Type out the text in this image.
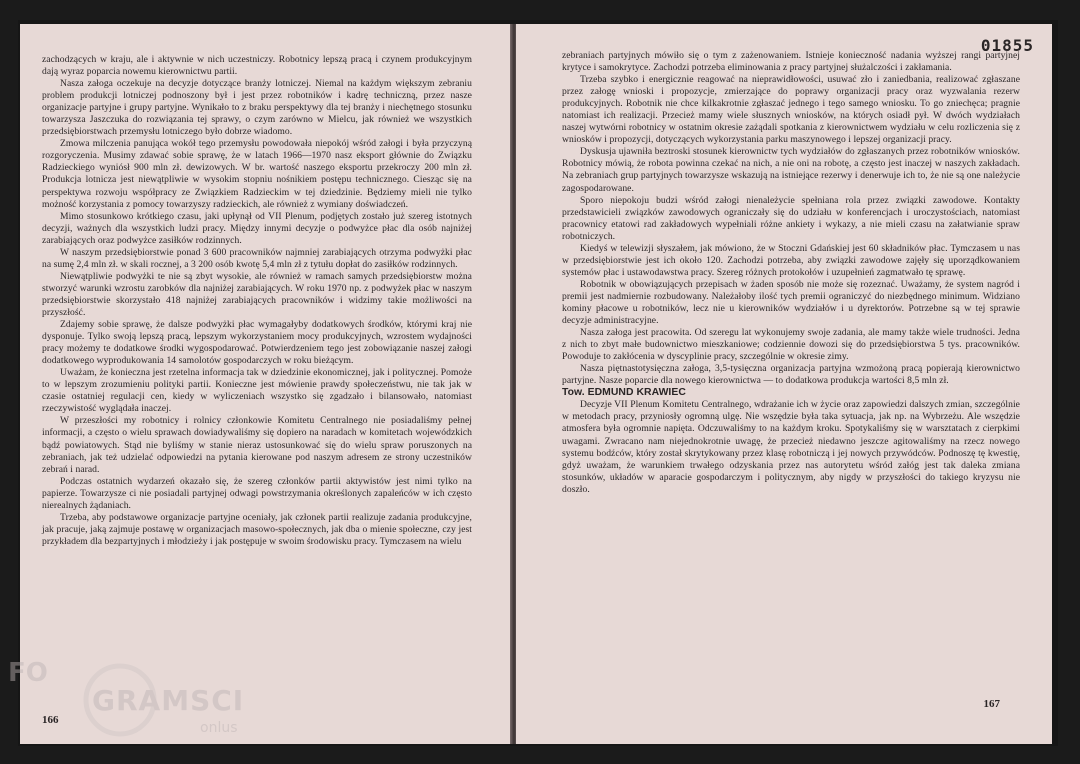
zachodzących w kraju, ale i aktywnie w nich uczestniczy. Robotnicy lepszą pracą i czynem produkcyjnym dają wyraz poparcia nowemu kierownictwu partii.

Nasza załoga oczekuje na decyzje dotyczące branży lotniczej. Niemal na każdym większym zebraniu problem produkcji lotniczej podnoszony był i jest przez robotników i kadrę techniczną, przez nasze organizacje partyjne i grupy partyjne. Wynikało to z braku perspektywy dla tej branży i niechętnego stosunku towarzysza Jaszczuka do rozwiązania tej sprawy, o czym zarówno w Mielcu, jak również we wszystkich przedsiębiorstwach przemysłu lotniczego było dobrze wiadomo.

Zmowa milczenia panująca wokół tego przemysłu powodowała niepokój wśród załogi i była przyczyną rozgoryczenia. Musimy zdawać sobie sprawę, że w latach 1966—1970 nasz eksport głównie do Związku Radzieckiego wyniósł 900 mln zł. dewizowych. W br. wartość naszego eksportu przekroczy 200 mln zł. Produkcja lotnicza jest niewątpliwie w wysokim stopniu nośnikiem postępu technicznego. Ciesząc się na perspektywa rozwoju współpracy ze Związkiem Radzieckim w tej dziedzinie. Będziemy mieli nie tylko możność korzystania z pomocy towarzyszy radzieckich, ale również z wymiany doświadczeń.

Mimo stosunkowo krótkiego czasu, jaki upłynął od VII Plenum, podjętych zostało już szereg istotnych decyzji, ważnych dla wszystkich ludzi pracy. Między innymi decyzje o podwyżce płac dla osób najniżej zarabiających oraz podwyżce zasiłków rodzinnych.

W naszym przedsiębiorstwie ponad 3 600 pracowników najmniej zarabiających otrzyma podwyżki płac na sumę 2,4 mln zł. w skali rocznej, a 3 200 osób kwotę 5,4 mln zł z tytułu dopłat do zasiłków rodzinnych.

Niewątpliwie podwyżki te nie są zbyt wysokie, ale również w ramach samych przedsiębiorstw można stworzyć warunki wzrostu zarobków dla najniżej zarabiających. W roku 1970 np. z podwyżek płac w naszym przedsiębiorstwie skorzystało 418 najniżej zarabiających pracowników i widzimy takie możliwości na przyszłość.

Zdajemy sobie sprawę, że dalsze podwyżki płac wymagałyby dodatkowych środków, którymi kraj nie dysponuje. Tylko swoją lepszą pracą, lepszym wykorzystaniem mocy produkcyjnych, wzrostem wydajności pracy możemy te dodatkowe środki wygospodarować. Potwierdzeniem tego jest zobowiązanie naszej załogi dodatkowego wyprodukowania 14 samolotów gospodarczych w roku bieżącym.

Uważam, że konieczna jest rzetelna informacja tak w dziedzinie ekonomicznej, jak i politycznej. Pomoże to w lepszym zrozumieniu polityki partii. Konieczne jest mówienie prawdy społeczeństwu, nie tak jak w czasie ostatniej regulacji cen, kiedy w wyliczeniach wszystko się zgadzało i bilansowało, natomiast rzeczywistość wyglądała inaczej.

W przeszłości my robotnicy i rolnicy członkowie Komitetu Centralnego nie posiadaliśmy pełnej informacji, a często o wielu sprawach dowiadywaliśmy się dopiero na naradach w komitetach wojewódzkich bądź powiatowych. Stąd nie byliśmy w stanie nieraz ustosunkować się do wielu spraw poruszonych na zebraniach, jak też udzielać odpowiedzi na pytania kierowane pod naszym adresem ze strony uczestników zebrań i narad.

Podczas ostatnich wydarzeń okazało się, że szereg członków partii aktywistów jest nimi tylko na papierze. Towarzysze ci nie posiadali partyjnej odwagi powstrzymania określonych zapaleńców w ich często nierealnych żądaniach.

Trzeba, aby podstawowe organizacje partyjne oceniały, jak członek partii realizuje zadania produkcyjne, jak pracuje, jaką zajmuje postawę w organizacjach masowo-społecznych, jak dba o mienie społeczne, czy jest przykładem dla bezpartyjnych i młodzieży i jak postępuje w swoim środowisku pracy. Tymczasem na wielu

166
01855

zebraniach partyjnych mówiło się o tym z zażenowaniem. Istnieje konieczność nadania wyższej rangi partyjnej krytyce i samokrytyce. Zachodzi potrzeba eliminowania z pracy partyjnej służalczości i zakłamania.

Trzeba szybko i energicznie reagować na nieprawidłowości, usuwać zło i zaniedbania, realizować zgłaszane przez załogę wnioski i propozycje, zmierzające do poprawy organizacji pracy oraz wyzwalania rezerw produkcyjnych. Robotnik nie chce kilkakrotnie zgłaszać jednego i tego samego wniosku. To go zniechęca; pragnie natomiast ich realizacji. Przecież mamy wiele słusznych wniosków, na których osiadł pył. W dwóch wydziałach naszej wytwórni robotnicy w ostatnim okresie zażądali spotkania z kierownictwem wydziału w celu rozliczenia się z wniosków i propozycji, dotyczących wykorzystania parku maszynowego i lepszej organizacji pracy.

Dyskusja ujawniła beztroski stosunek kierownictw tych wydziałów do zgłaszanych przez robotników wniosków. Robotnicy mówią, że robota powinna czekać na nich, a nie oni na robotę, a często jest inaczej w naszych zakładach. Na zebraniach grup partyjnych towarzysze wskazują na istniejące rezerwy i denerwuje ich to, że nie są one należycie zagospodarowane.

Sporo niepokoju budzi wśród załogi nienależycie spełniana rola przez związki zawodowe. Kontakty przedstawicieli związków zawodowych ograniczały się do udziału w konferencjach i uroczystościach, natomiast pracownicy etatowi rad zakładowych wypełniali różne ankiety i wykazy, a nie mieli czasu na załatwianie spraw robotniczych.

Kiedyś w telewizji słyszałem, jak mówiono, że w Stoczni Gdańskiej jest 60 składników płac. Tymczasem u nas w przedsiębiorstwie jest ich około 120. Zachodzi potrzeba, aby związki zawodowe zajęły się uporządkowaniem systemów płac i ustawodawstwa pracy. Szereg różnych protokołów i uzupełnień zagmatwało tę sprawę.

Robotnik w obowiązujących przepisach w żaden sposób nie może się rozeznać. Uważamy, że system nagród i premii jest nadmiernie rozbudowany. Należałoby ilość tych premii ograniczyć do niezbędnego minimum. Widziano kominy płacowe u robotników, lecz nie u kierowników wydziałów i u dyrektorów. Potrzebne są w tej sprawie decyzje administracyjne.

Nasza załoga jest pracowita. Od szeregu lat wykonujemy swoje zadania, ale mamy także wiele trudności. Jedna z nich to zbyt małe budownictwo mieszkaniowe; codziennie dowozi się do przedsiębiorstwa 5 tys. pracowników. Powoduje to zakłócenia w dyscyplinie pracy, szczególnie w okresie zimy.

Nasza piętnastotysięczna załoga, 3,5-tysięczna organizacja partyjna wzmożoną pracą popierają kierownictwo partyjne. Nasze poparcie dla nowego kierownictwa — to dodatkowa produkcja wartości 8,5 mln zł.

Tow. EDMUND KRAWIEC

Decyzje VII Plenum Komitetu Centralnego, wdrażanie ich w życie oraz zapowiedzi dalszych zmian, szczególnie w metodach pracy, przyniosły ogromną ulgę. Nie wszędzie była taka sytuacja, jak np. na Wybrzeżu. Ale wszędzie atmosfera była ogromnie napięta. Odczuwaliśmy to na każdym kroku. Spotykaliśmy się w warsztatach z cierpkimi uwagami. Zwracano nam niejednokrotnie uwagę, że przecież niedawno jeszcze agitowaliśmy na rzecz nowego systemu bodźców, który został skrytykowany przez klasę robotniczą i jej nowych przywódców. Podnoszę tę kwestię, gdyż uważam, że warunkiem trwałego odzyskania przez nas autorytetu wśród załóg jest tak daleka zmiana stosunków, układów w aparacie gospodarczym i politycznym, aby nigdy w przyszłości do takiego kryzysu nie doszło.

167
FO
GRAMSCI
onlus
